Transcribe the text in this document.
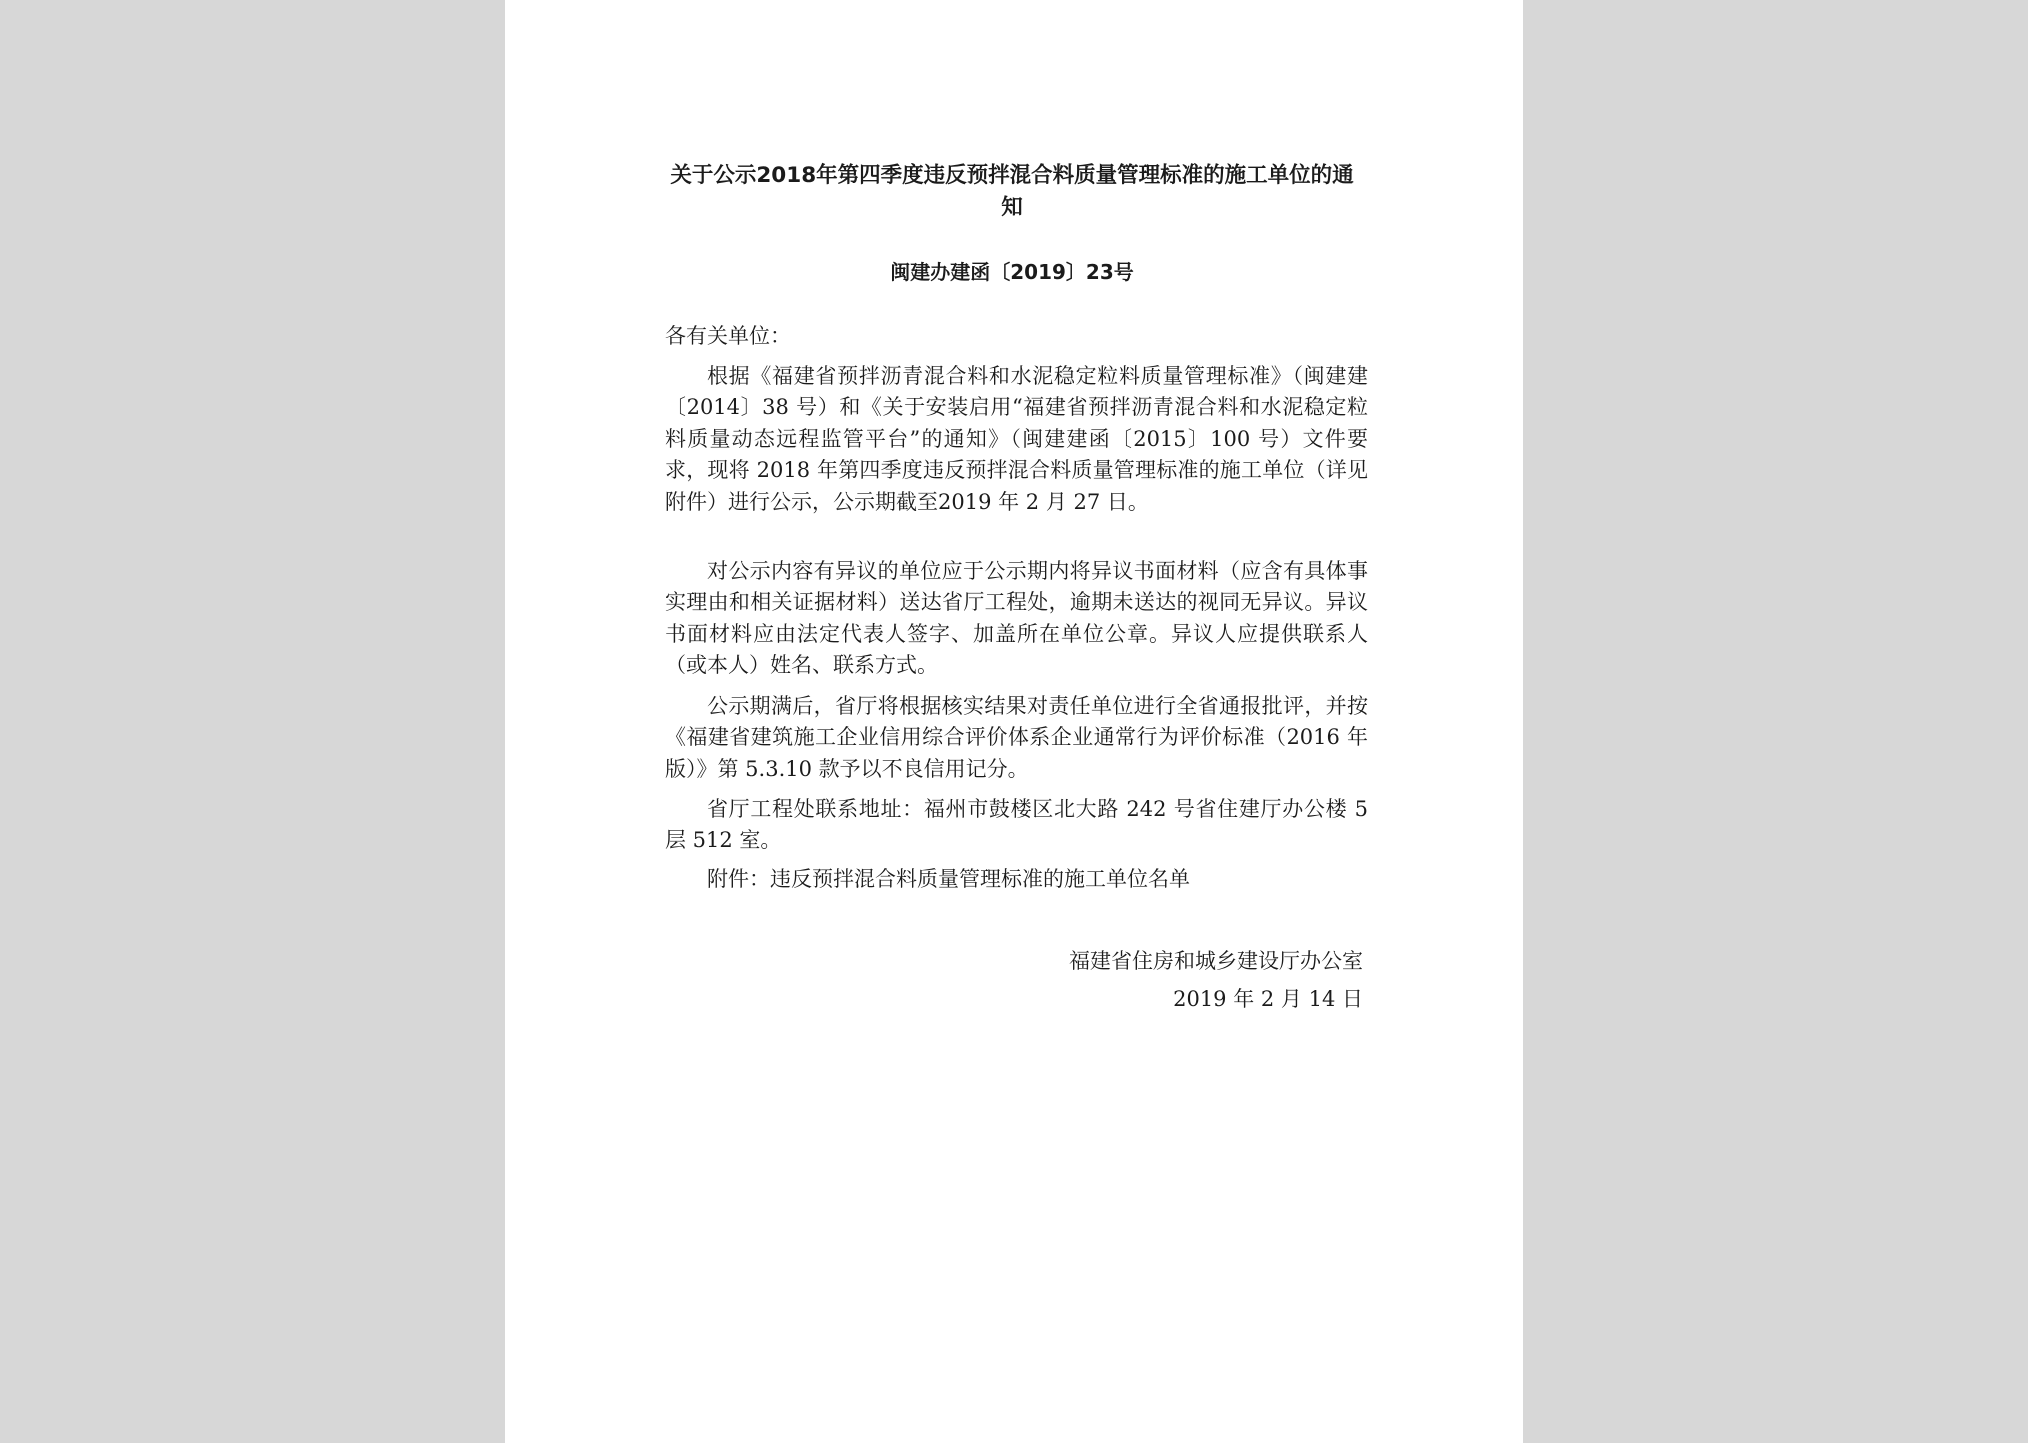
关于公示2018年第四季度违反预拌混合料质量管理标准的施工单位的通知
闽建办建函〔2019〕23号
各有关单位：

根据《福建省预拌沥青混合料和水泥稳定粒料质量管理标准》（闽建建〔2014〕38 号）和《关于安装启用“福建省预拌沥青混合料和水泥稳定粒料质量动态远程监管平台”的通知》（闽建建函〔2015〕100 号）文件要求，现将 2018 年第四季度违反预拌混合料质量管理标准的施工单位（详见附件）进行公示，公示期截至2019 年 2 月 27 日。

对公示内容有异议的单位应于公示期内将异议书面材料（应含有具体事实理由和相关证据材料）送达省厅工程处，逾期未送达的视同无异议。异议书面材料应由法定代表人签字、加盖所在单位公章。异议人应提供联系人（或本人）姓名、联系方式。

公示期满后，省厅将根据核实结果对责任单位进行全省通报批评，并按《福建省建筑施工企业信用综合评价体系企业通常行为评价标准（2016 年版）》第 5.3.10 款予以不良信用记分。

省厅工程处联系地址：福州市鼓楼区北大路 242 号省住建厅办公楼 5 层 512 室。

附件：违反预拌混合料质量管理标准的施工单位名单

福建省住房和城乡建设厅办公室
2019 年 2 月 14 日
